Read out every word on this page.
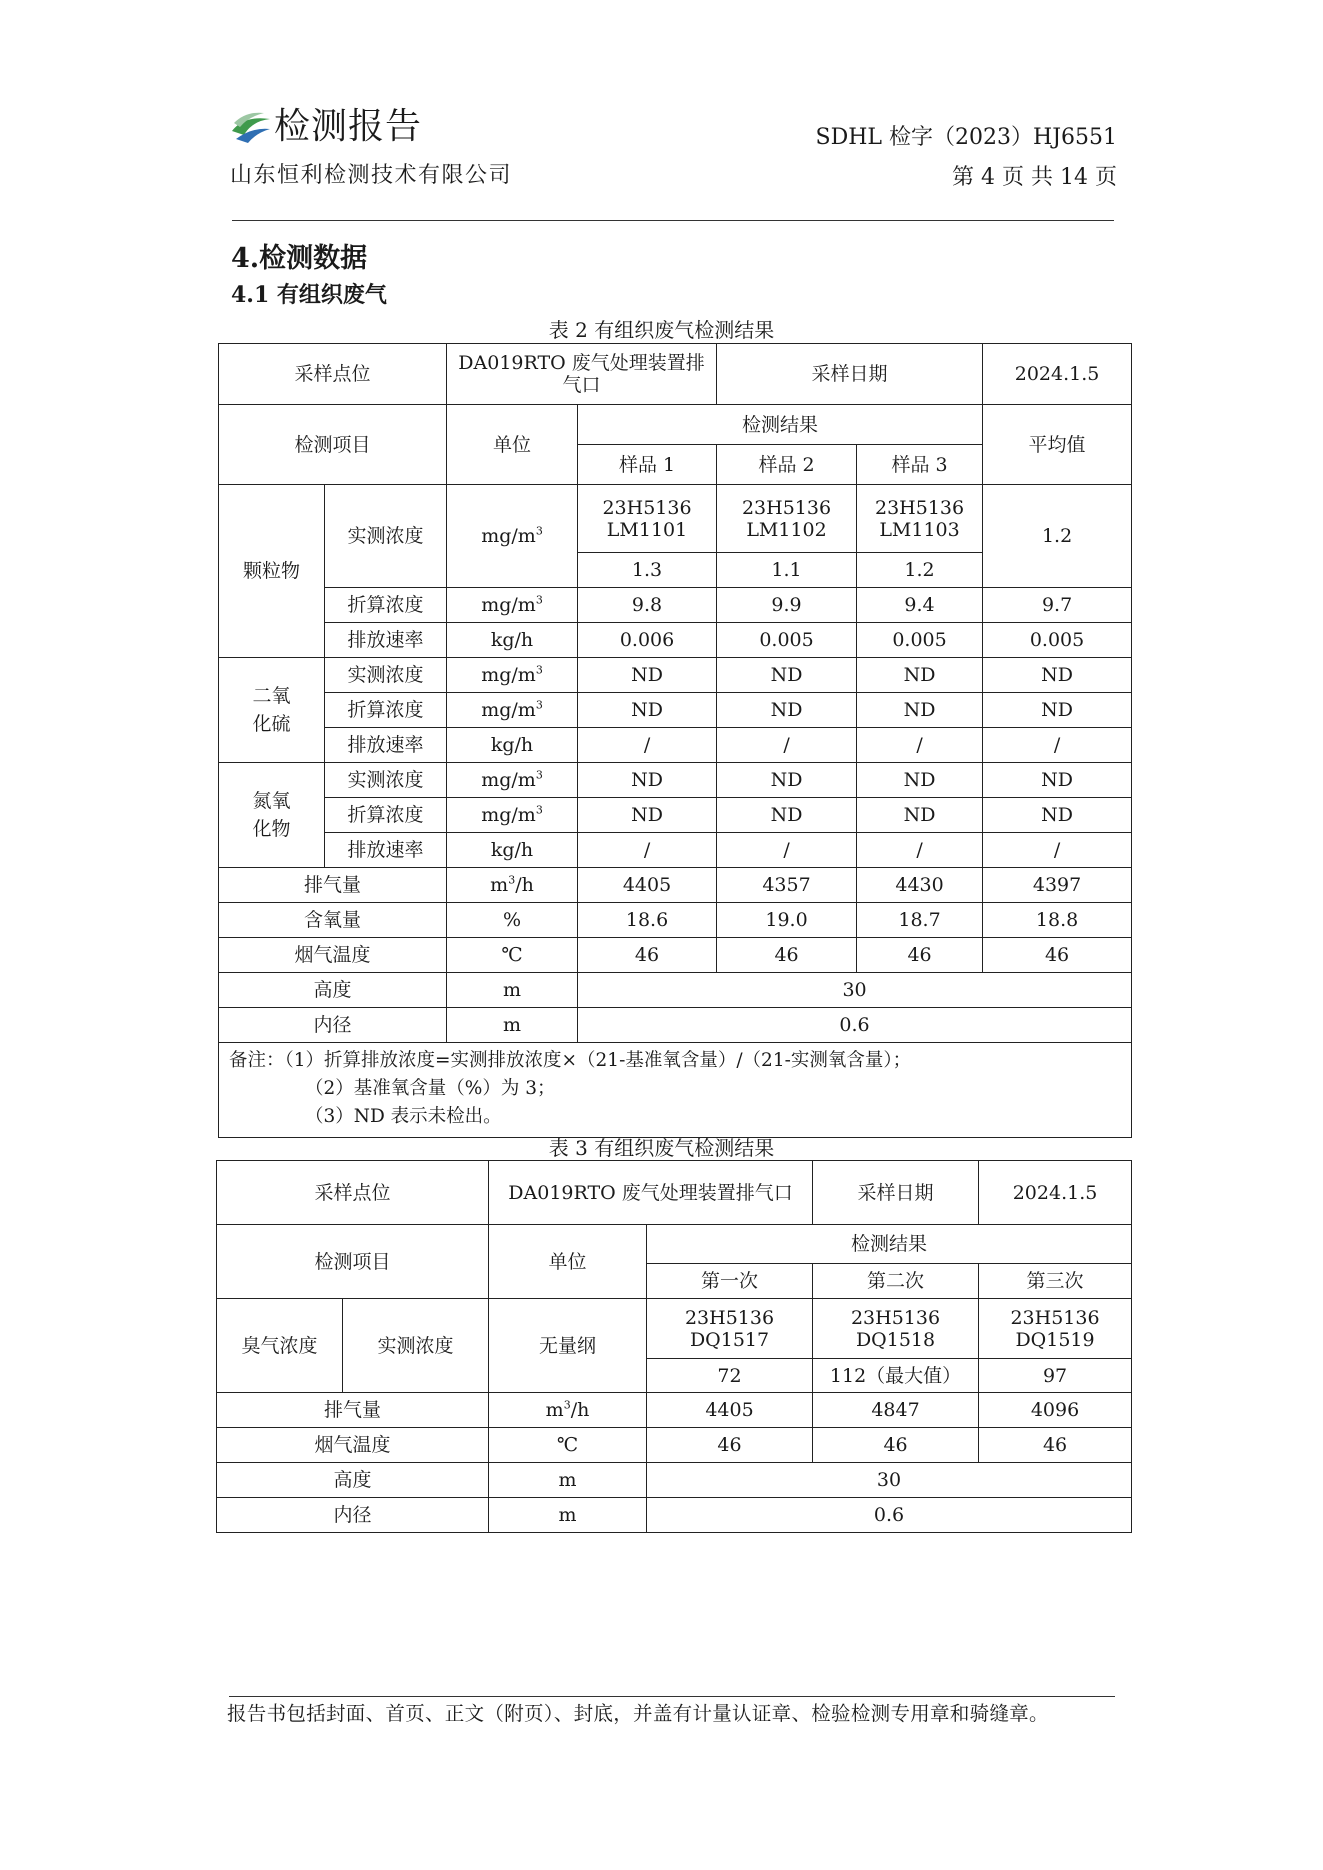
检测报告
山东恒利检测技术有限公司
SDHL 检字（2023）HJ6551
第 4 页 共 14 页
4.检测数据
4.1 有组织废气
表 2 有组织废气检测结果
采样点位		DA019RTO 废气处理装置排气口		采样日期		2024.1.5
检测项目		单位	检测结果			平均值
			样品 1	样品 2	样品 3	
颗粒物	实测浓度	$mg/m^3$	23H5136 LM1101	23H5136 LM1102	23H5136 LM1103	1.2
			1.3	1.1	1.2	
	折算浓度	$mg/m^3$	9.8	9.9	9.4	9.7
	排放速率	kg/h	0.006	0.005	0.005	0.005

二氧化硫	实测浓度	$mg/m^3$	ND	ND	ND	ND
	折算浓度	$mg/m^3$	ND	ND	ND	ND
	排放速率	kg/h	/	/	/	/

氮氧化物	实测浓度	$mg/m^3$	ND	ND	ND	ND
	折算浓度	$mg/m^3$	ND	ND	ND	ND
	排放速率	kg/h	/	/	/	/
排气量		$m^3/h$	4405	4357	4430	4397
含氧量		%	18.6	19.0	18.7	18.8
烟气温度		℃	46	46	46	46
高度		m	30			
内径		m	0.6			

备注：（1）折算排放浓度=实测排放浓度×（21-基准氧含量）/（21-实测氧含量）；
（2）基准氧含量（%）为 3；
（3）ND 表示未检出。						
表 3 有组织废气检测结果
采样点位		DA019RTO 废气处理装置排气口		采样日期	2024.1.5
检测项目		单位	检测结果		
			第一次	第二次	第三次
臭气浓度	实测浓度	无量纲	23H5136 DQ1517	23H5136 DQ1518	23H5136 DQ1519
			72	112（最大值）	97
排气量		$m^3/h$	4405	4847	4096
烟气温度		℃	46	46	46
高度		m	30		
内径		m	0.6		
报告书包括封面、首页、正文（附页）、封底，并盖有计量认证章、检验检测专用章和骑缝章。
